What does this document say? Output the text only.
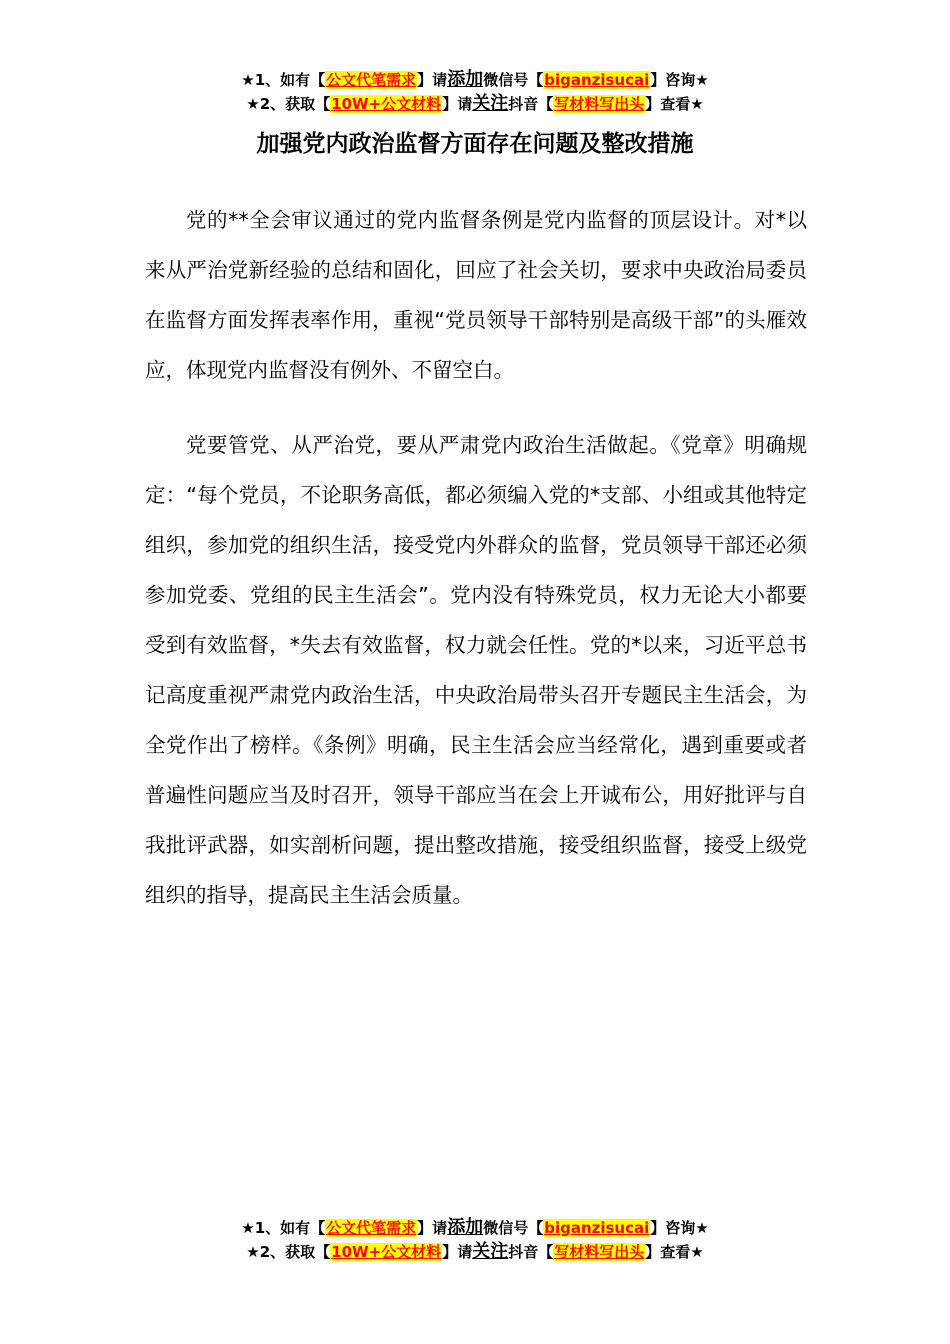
★1、如有【公文代笔需求】请添加微信号【biganzisucai】咨询★
★2、获取【10W+公文材料】请关注抖音【写材料写出头】查看★
加强党内政治监督方面存在问题及整改措施

党的**全会审议通过的党内监督条例是党内监督的顶层设计。对*以来从严治党新经验的总结和固化，回应了社会关切，要求中央政治局委员在监督方面发挥表率作用，重视“党员领导干部特别是高级干部”的头雁效应，体现党内监督没有例外、不留空白。

党要管党、从严治党，要从严肃党内政治生活做起。《党章》明确规定：“每个党员，不论职务高低，都必须编入党的*支部、小组或其他特定组织，参加党的组织生活，接受党内外群众的监督，党员领导干部还必须参加党委、党组的民主生活会”。党内没有特殊党员，权力无论大小都要受到有效监督，*失去有效监督，权力就会任性。党的*以来，习近平总书记高度重视严肃党内政治生活，中央政治局带头召开专题民主生活会，为全党作出了榜样。《条例》明确，民主生活会应当经常化，遇到重要或者普遍性问题应当及时召开，领导干部应当在会上开诚布公，用好批评与自我批评武器，如实剖析问题，提出整改措施，接受组织监督，接受上级党组织的指导，提高民主生活会质量。

★1、如有【公文代笔需求】请添加微信号【biganzisucai】咨询★
★2、获取【10W+公文材料】请关注抖音【写材料写出头】查看★
